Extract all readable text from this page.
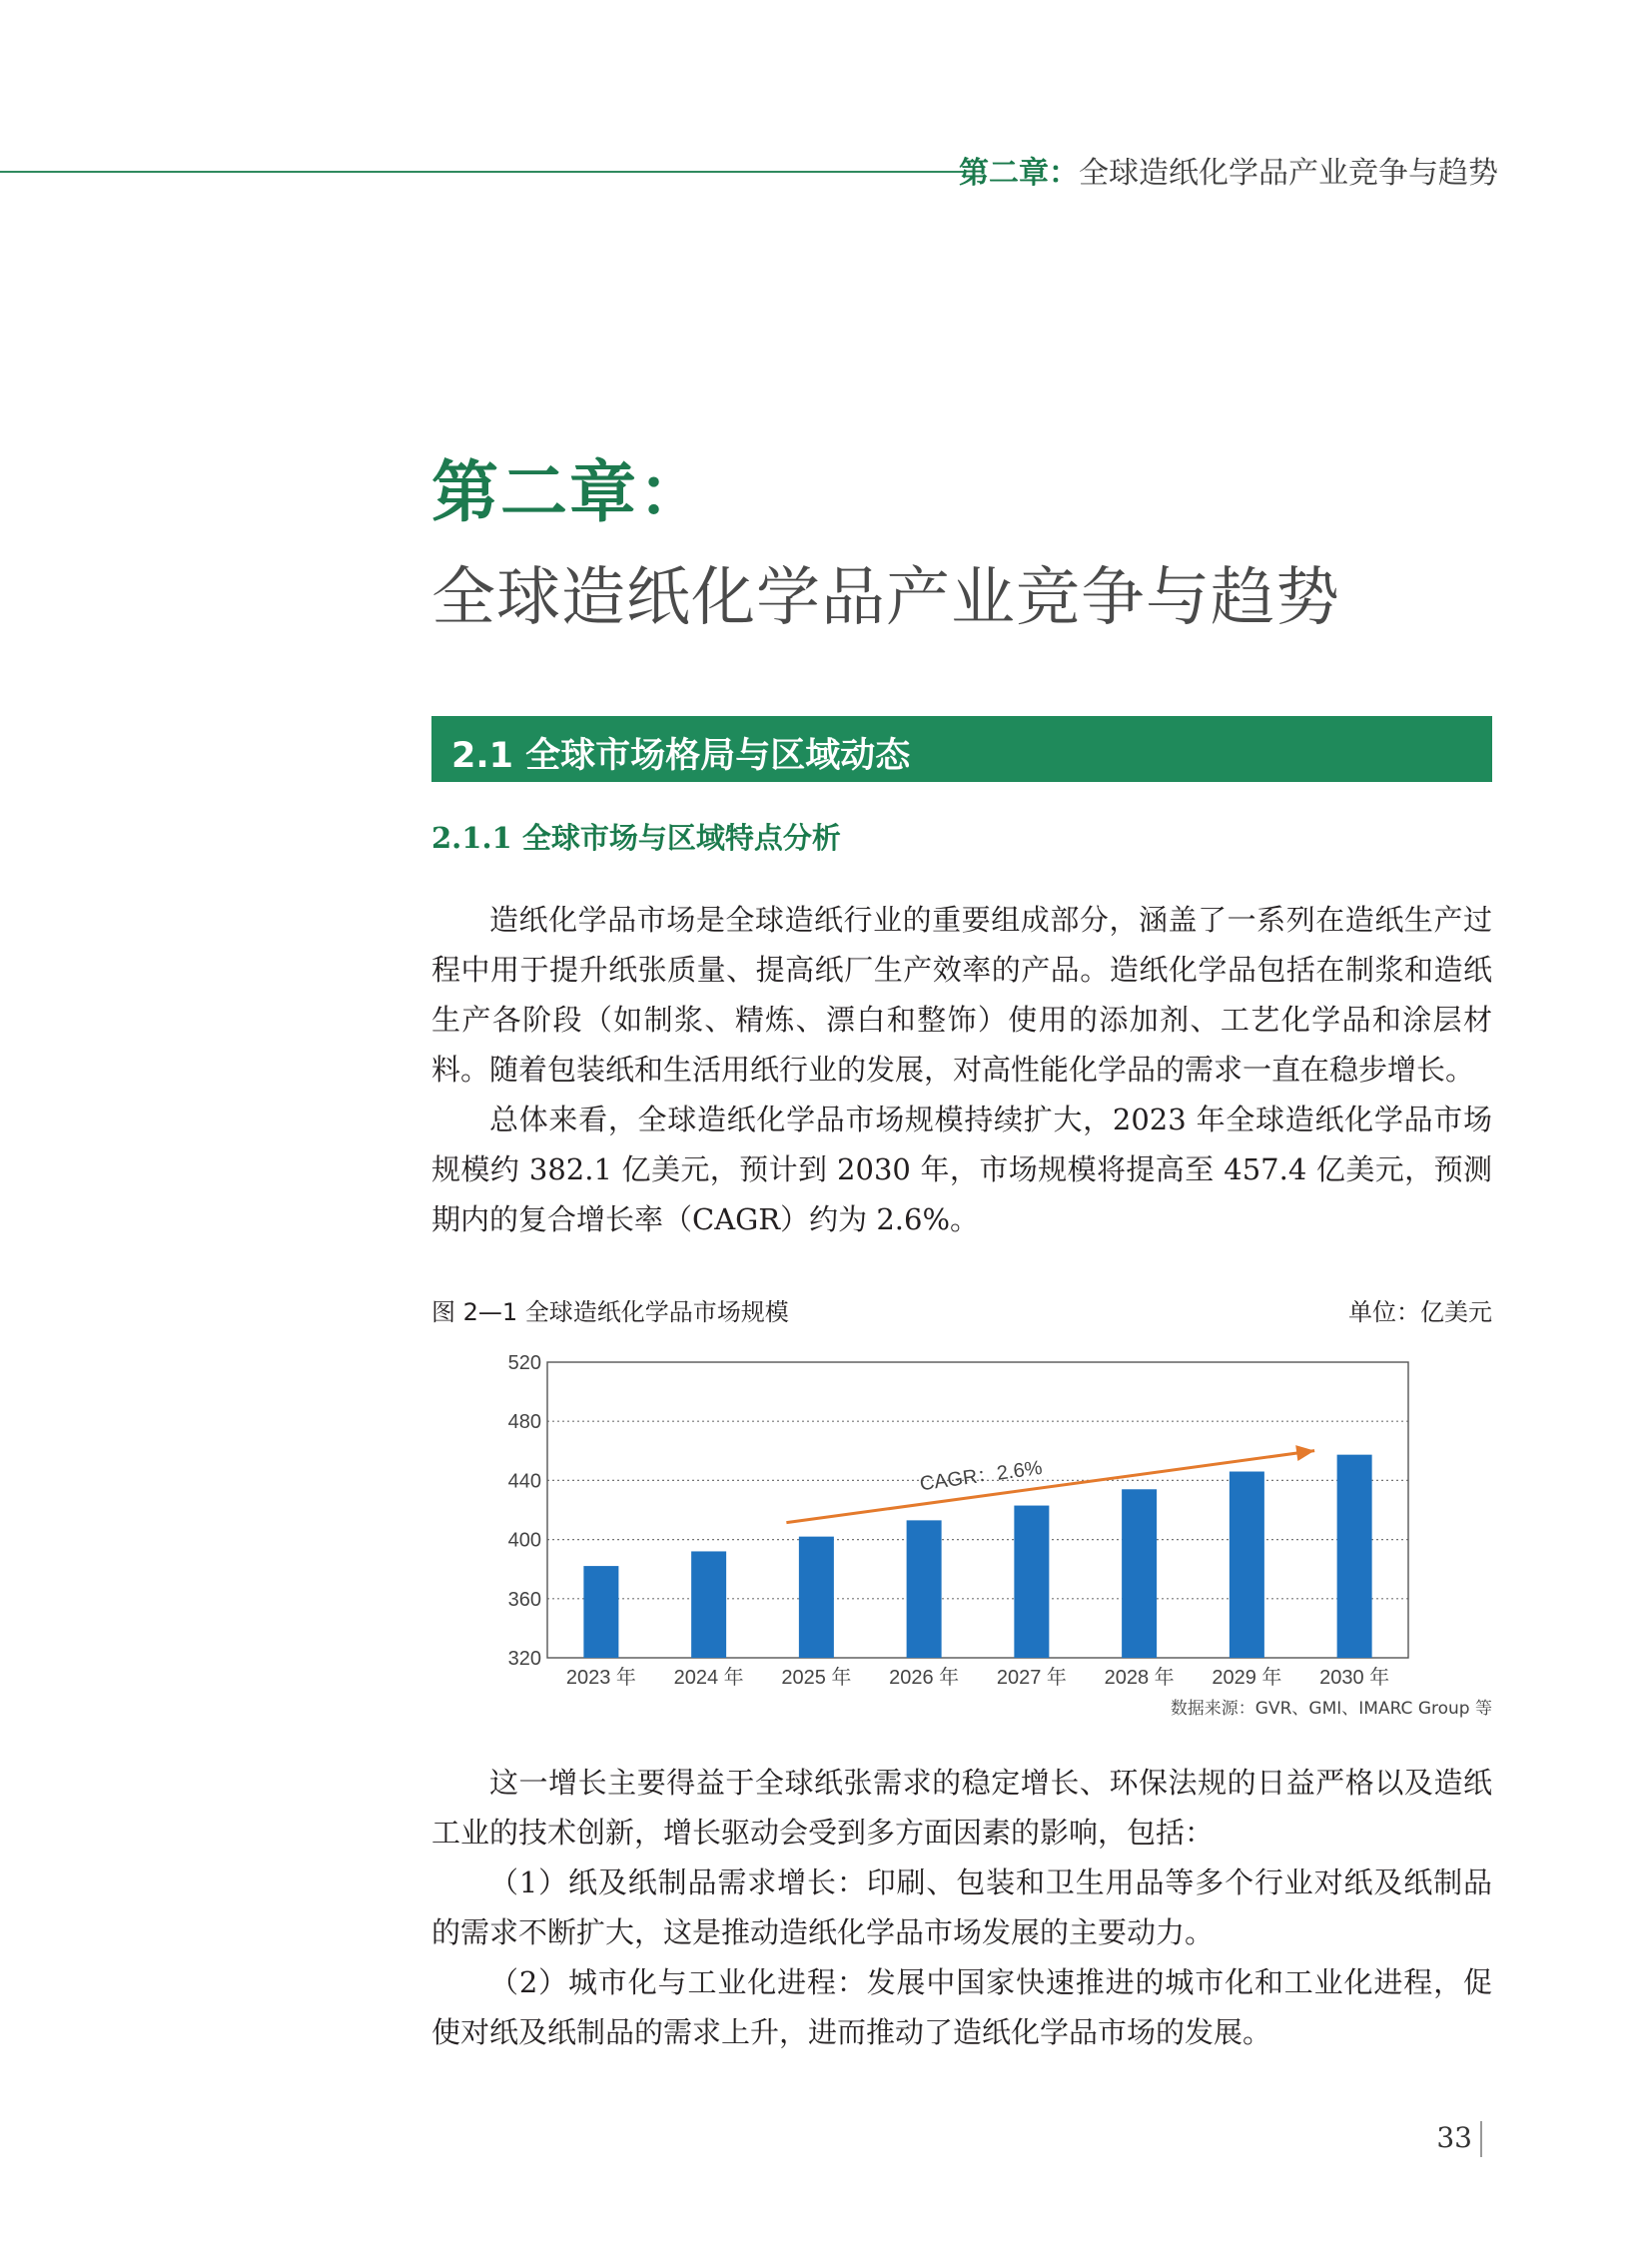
第二章：全球造纸化学品产业竞争与趋势
第二章：
全球造纸化学品产业竞争与趋势
2.1 全球市场格局与区域动态
2.1.1 全球市场与区域特点分析

造纸化学品市场是全球造纸行业的重要组成部分，涵盖了一系列在造纸生产过程中用于提升纸张质量、提高纸厂生产效率的产品。造纸化学品包括在制浆和造纸生产各阶段（如制浆、精炼、漂白和整饰）使用的添加剂、工艺化学品和涂层材料。随着包装纸和生活用纸行业的发展，对高性能化学品的需求一直在稳步增长。

总体来看，全球造纸化学品市场规模持续扩大，2023 年全球造纸化学品市场规模约 382.1 亿美元，预计到 2030 年，市场规模将提高至 457.4 亿美元，预测期内的复合增长率（CAGR）约为 2.6%。

图 2—1 全球造纸化学品市场规模	单位：亿美元
320
360
400
440
480
520
2023 年 2024 年 2025 年 2026 年 2027 年 2028 年 2029 年 2030 年
CAGR：2.6%
数据来源：GVR、GMI、IMARC Group 等

这一增长主要得益于全球纸张需求的稳定增长、环保法规的日益严格以及造纸工业的技术创新，增长驱动会受到多方面因素的影响，包括：

（1）纸及纸制品需求增长：印刷、包装和卫生用品等多个行业对纸及纸制品的需求不断扩大，这是推动造纸化学品市场发展的主要动力。

（2）城市化与工业化进程：发展中国家快速推进的城市化和工业化进程，促使对纸及纸制品的需求上升，进而推动了造纸化学品市场的发展。

33
